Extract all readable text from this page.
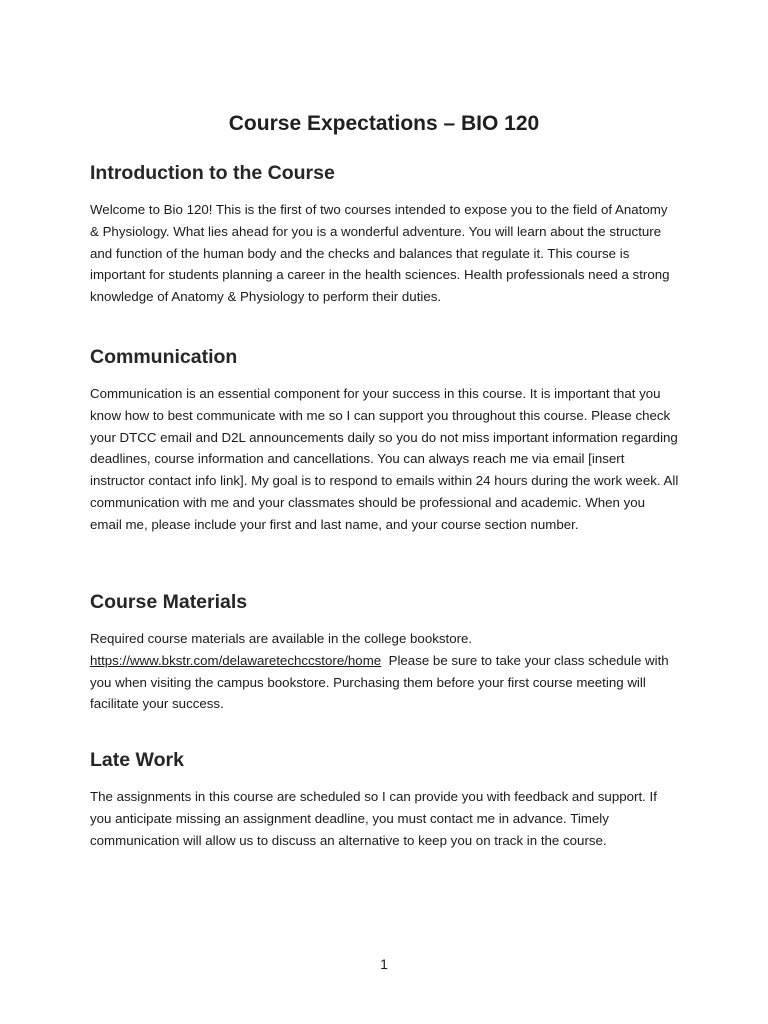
Course Expectations – BIO 120
Introduction to the Course

Welcome to Bio 120! This is the first of two courses intended to expose you to the field of Anatomy & Physiology. What lies ahead for you is a wonderful adventure. You will learn about the structure and function of the human body and the checks and balances that regulate it. This course is important for students planning a career in the health sciences. Health professionals need a strong knowledge of Anatomy & Physiology to perform their duties.

Communication

Communication is an essential component for your success in this course. It is important that you know how to best communicate with me so I can support you throughout this course. Please check your DTCC email and D2L announcements daily so you do not miss important information regarding deadlines, course information and cancellations. You can always reach me via email [insert instructor contact info link]. My goal is to respond to emails within 24 hours during the work week. All communication with me and your classmates should be professional and academic. When you email me, please include your first and last name, and your course section number.

Course Materials

Required course materials are available in the college bookstore.
https://www.bkstr.com/delawaretechccstore/home  Please be sure to take your class schedule with you when visiting the campus bookstore. Purchasing them before your first course meeting will facilitate your success.

Late Work

The assignments in this course are scheduled so I can provide you with feedback and support. If you anticipate missing an assignment deadline, you must contact me in advance. Timely communication will allow us to discuss an alternative to keep you on track in the course.

1
